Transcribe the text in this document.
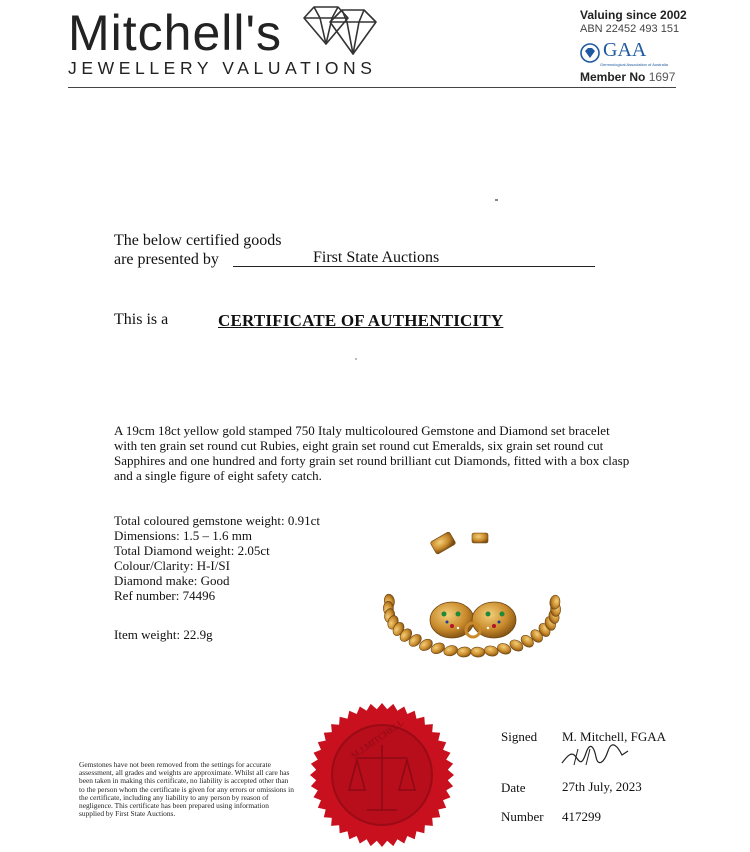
Mitchell's
JEWELLERY VALUATIONS
Valuing since 2002
ABN 22452 493 151
GAA
Gemmological Association of Australia
Member No 1697
The below certified goods
are presented by	First State Auctions
This is a	CERTIFICATE OF AUTHENTICITY
A 19cm 18ct yellow gold stamped 750 Italy multicoloured Gemstone and Diamond set bracelet with ten grain set round cut Rubies, eight grain set round cut Emeralds, six grain set round cut Sapphires and one hundred and forty grain set round brilliant cut Diamonds, fitted with a box clasp and a single figure of eight safety catch.
Total coloured gemstone weight: 0.91ct
Dimensions: 1.5 – 1.6 mm
Total Diamond weight: 2.05ct
Colour/Clarity: H-I/SI
Diamond make: Good
Ref number: 74496
Item weight: 22.9g
M.J.MITCHELL
Gemstones have not been removed from the settings for accurate assessment, all grades and weights are approximate. Whilst all care has been taken in making this certificate, no liability is accepted other than to the person whom the certificate is given for any errors or omissions in the certificate, including any liability to any person by reason of negligence. This certificate has been prepared using information supplied by First State Auctions.
Signed M. Mitchell, FGAA
Date	27th July, 2023
Number 417299
